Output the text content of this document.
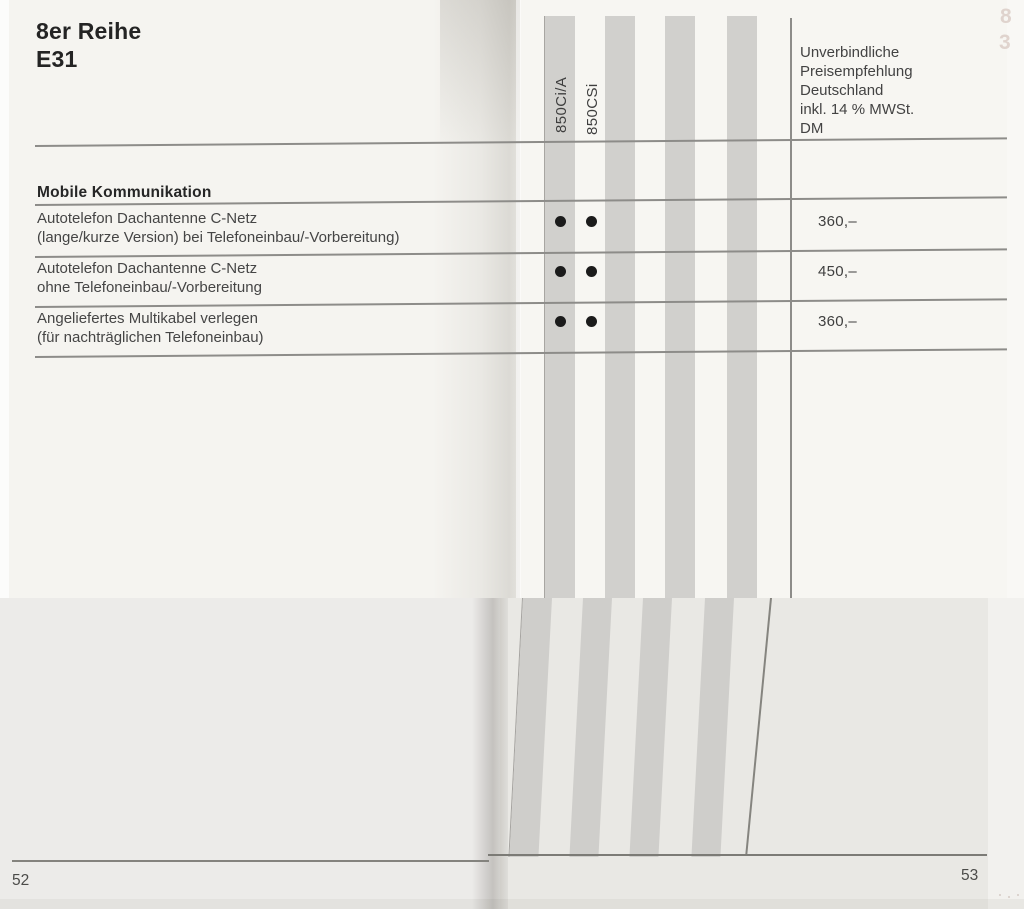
850Ci/A 850CSi
8er Reihe
E31	Unverbindliche
Preisempfehlung
Deutschland
inkl. 14 % MWSt.
DM
8
3
Mobile Kommunikation
Autotelefon Dachantenne C-Netz
(lange/kurze Version) bei Telefoneinbau/-Vorbereitung)
360,–
Autotelefon Dachantenne C-Netz
ohne Telefoneinbau/-Vorbereitung
450,–
Angeliefertes Multikabel verlegen
(für nachträglichen Telefoneinbau)
360,–
52	53
